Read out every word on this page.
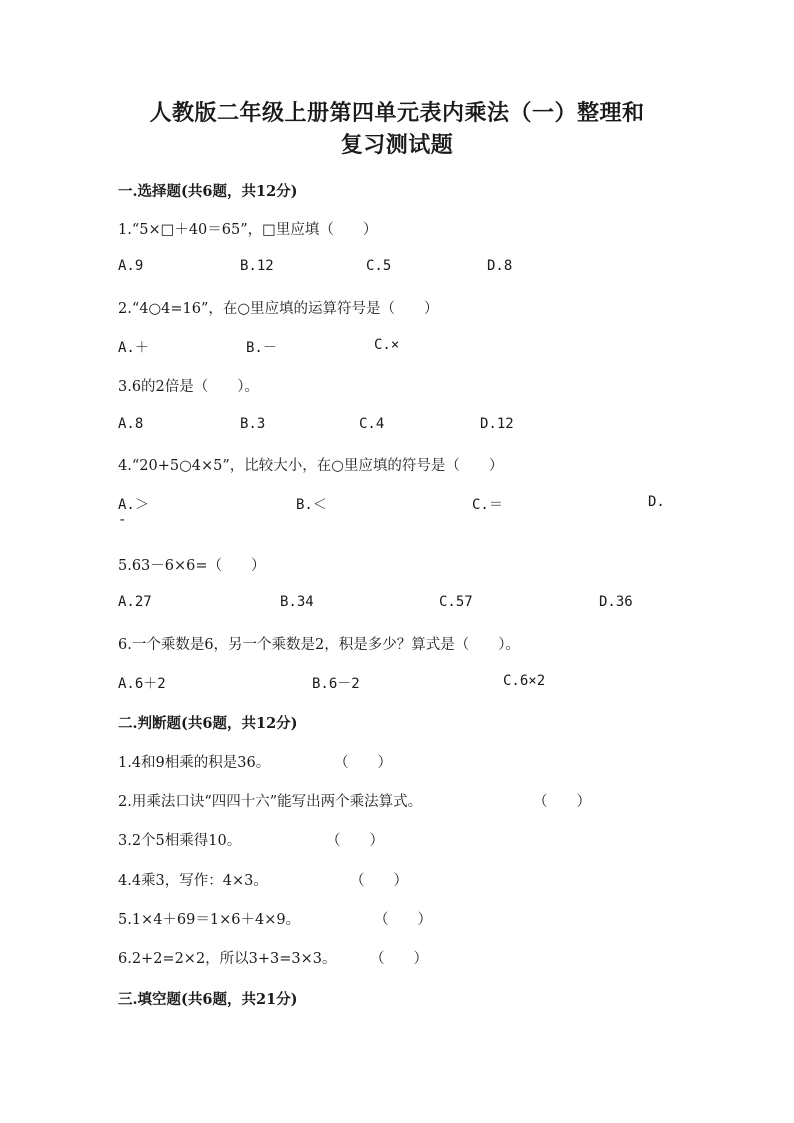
人教版二年级上册第四单元表内乘法（一）整理和
复习测试题
一.选择题(共6题，共12分)
1.“5×□＋40＝65”，□里应填（　　）
A.9	B.12	C.5	D.8
2.“4○4=16”，在○里应填的运算符号是（　　）
A.＋	B.－	C.×
3.6的2倍是（　　）。
A.8	B.3	C.4	D.12
4.“20+5○4×5”，比较大小，在○里应填的符号是（　　）
A.＞	B.＜	C.＝	D.
-
5.63－6×6=（　　）
A.27	B.34	C.57	D.36
6.一个乘数是6，另一个乘数是2，积是多少？算式是（　　）。
A.6＋2	B.6－2	C.6×2
二.判断题(共6题，共12分)
1.4和9相乘的积是36。	（　　）
2.用乘法口诀“四四十六”能写出两个乘法算式。	（　　）
3.2个5相乘得10。	（　　）
4.4乘3，写作：4×3。	（　　）
5.1×4＋69＝1×6＋4×9。	（　　）
6.2+2=2×2，所以3+3=3×3。 （　　）
三.填空题(共6题，共21分)
